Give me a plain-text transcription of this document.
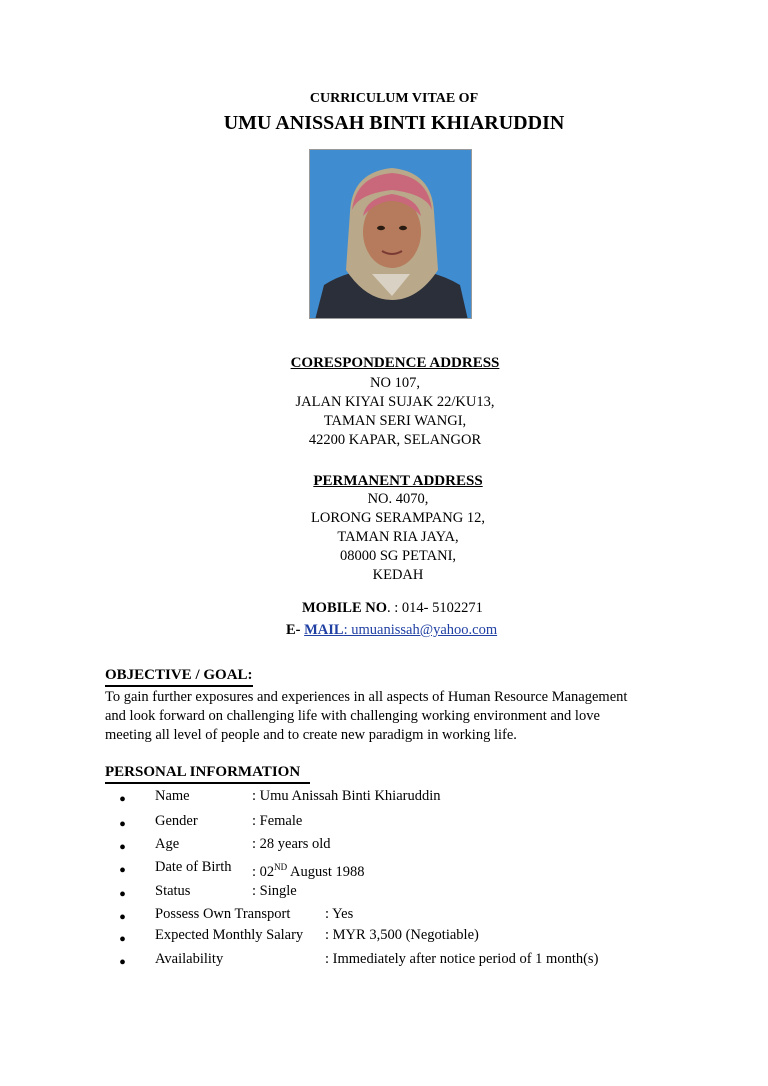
CURRICULUM VITAE OF
UMU ANISSAH BINTI KHIARUDDIN
CORESPONDENCE ADDRESS
NO 107,
JALAN KIYAI SUJAK 22/KU13,
TAMAN SERI WANGI,
42200 KAPAR, SELANGOR
PERMANENT ADDRESS
NO. 4070,
LORONG SERAMPANG 12,
TAMAN RIA JAYA,
08000 SG PETANI,
KEDAH
MOBILE NO. : 014- 5102271
E- MAIL: umuanissah@yahoo.com
OBJECTIVE / GOAL:
To gain further exposures and experiences in all aspects of Human Resource Management
and look forward on challenging life with challenging working environment and love
meeting all level of people and to create new paradigm in working life.
PERSONAL INFORMATION
• Name	: Umu Anissah Binti Khiaruddin
• Gender	: Female
• Age	: 28 years old
• Date of Birth : 02ND August 1988
• Status	: Single
• Possess Own Transport : Yes
• Expected Monthly Salary : MYR 3,500 (Negotiable)
• Availability	: Immediately after notice period of 1 month(s)
